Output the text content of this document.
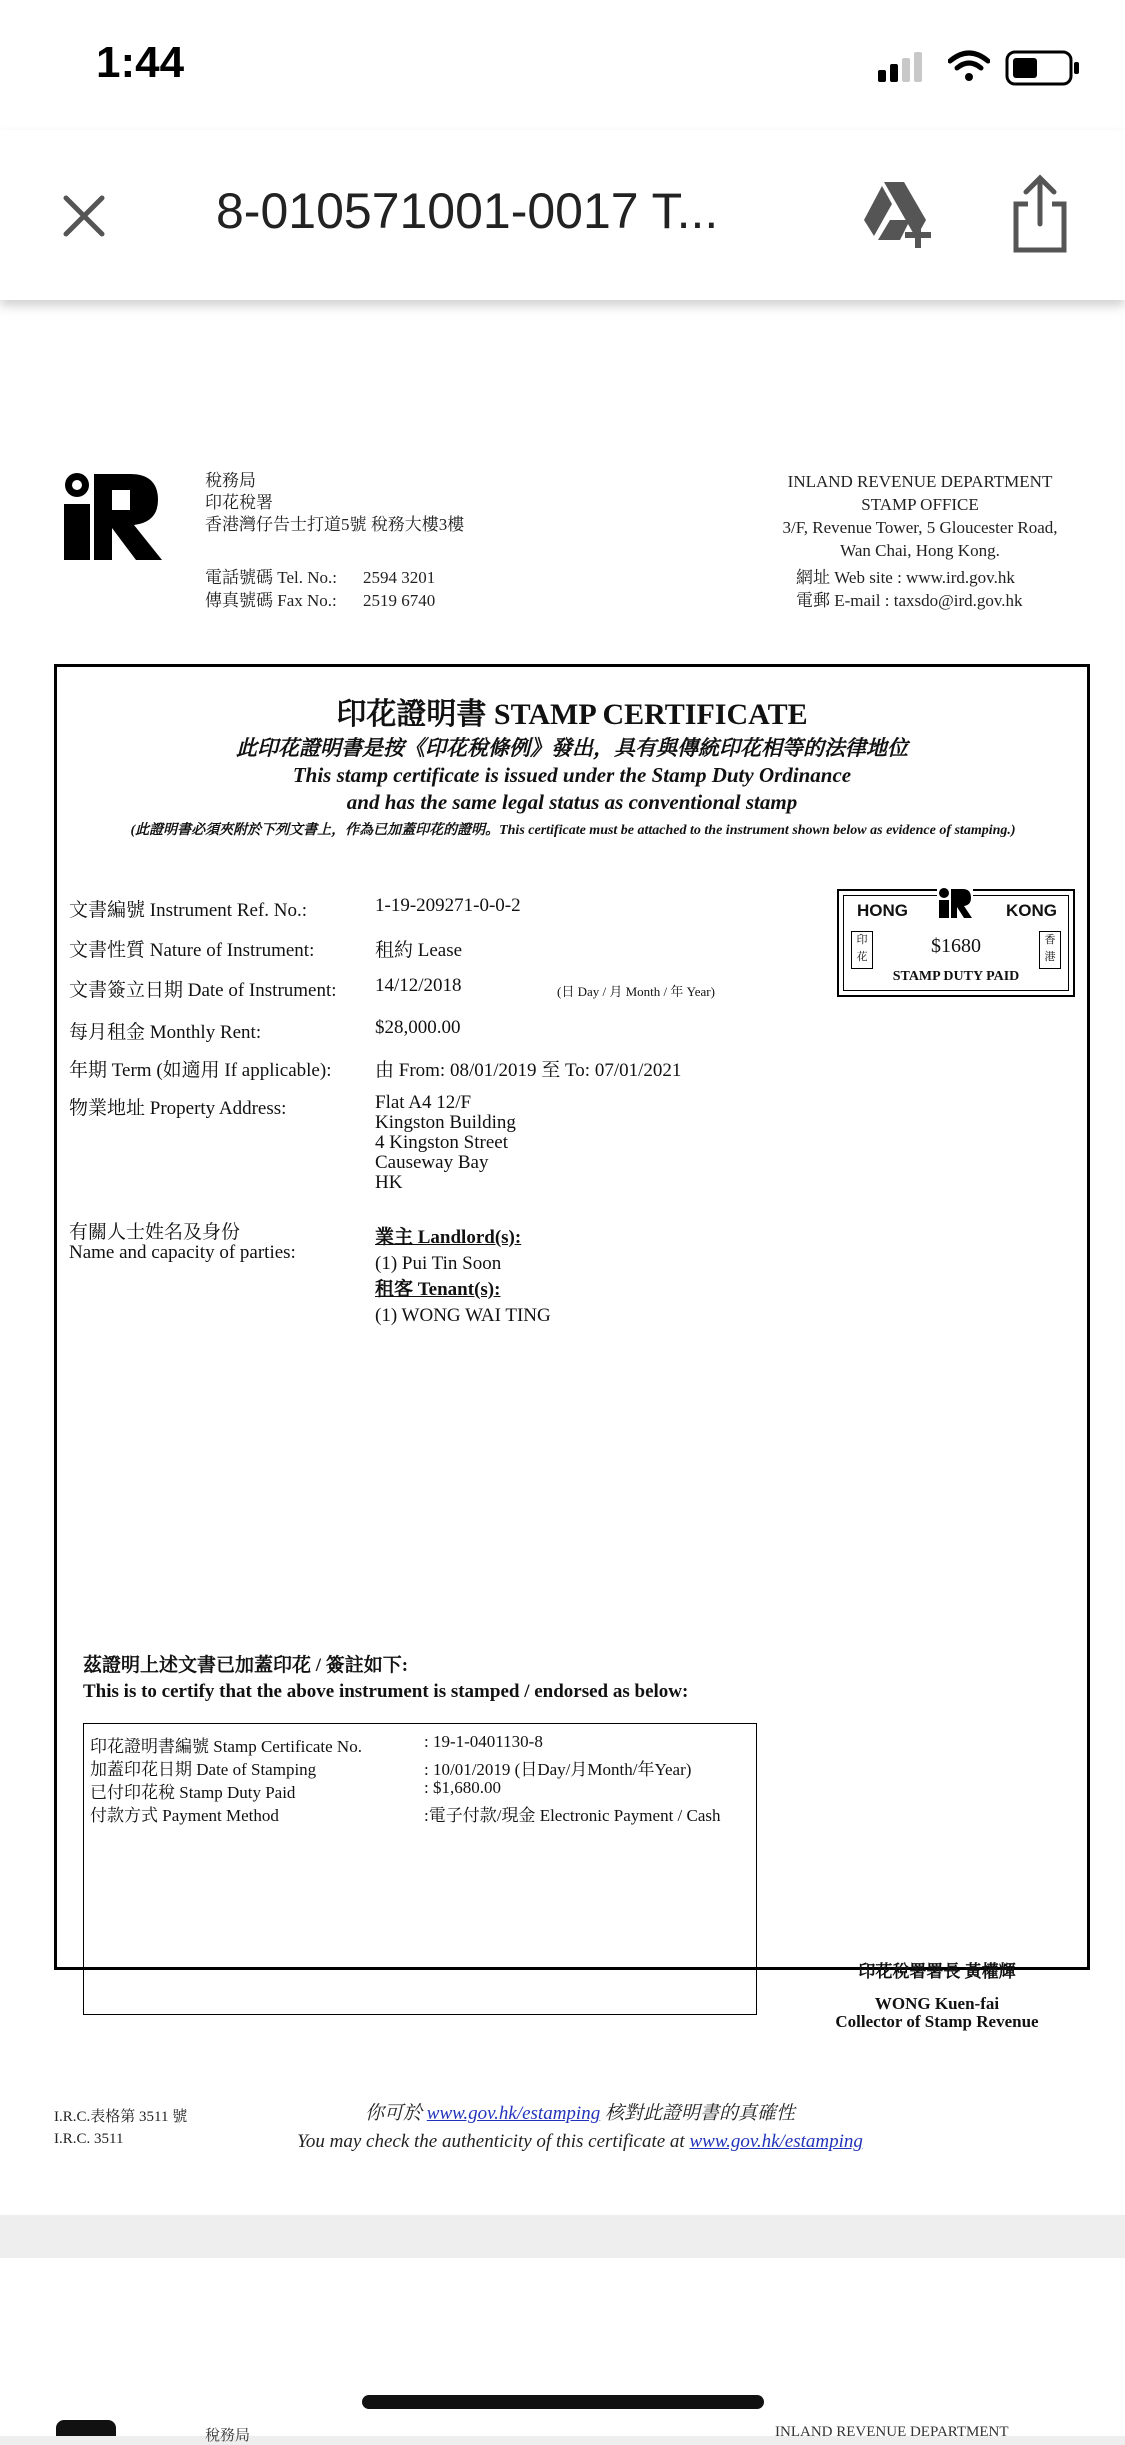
1:44
8-010571001-0017 T...
稅務局
印花稅署
香港灣仔告士打道5號 稅務大樓3樓
電話號碼 Tel. No.: 2594 3201
傳真號碼 Fax No.: 2519 6740
INLAND REVENUE DEPARTMENT
STAMP OFFICE
3/F, Revenue Tower, 5 Gloucester Road,
Wan Chai, Hong Kong.
網址 Web site : www.ird.gov.hk
電郵 E-mail : taxsdo@ird.gov.hk
印花證明書 STAMP CERTIFICATE
此印花證明書是按《印花稅條例》發出，具有與傳統印花相等的法律地位
This stamp certificate is issued under the Stamp Duty Ordinance
and has the same legal status as conventional stamp
(此證明書必須夾附於下列文書上，作為已加蓋印花的證明。This certificate must be attached to the instrument shown below as evidence of stamping.)
文書編號 Instrument Ref. No.:	1-19-209271-0-0-2
文書性質 Nature of Instrument:	租約 Lease
文書簽立日期 Date of Instrument: 14/12/2018	(日 Day / 月 Month / 年 Year)
每月租金 Monthly Rent:	$28,000.00
年期 Term (如適用 If applicable): 由 From: 08/01/2019 至 To: 07/01/2021
物業地址 Property Address:	Flat A4 12/F
Kingston Building
4 Kingston Street
Causeway Bay
HK
有關人士姓名及身份
Name and capacity of parties:
業主 Landlord(s):
(1) Pui Tin Soon
租客 Tenant(s):
(1) WONG WAI TING
HONG	KONG
$1680
STAMP DUTY PAID
印花
香港
茲證明上述文書已加蓋印花 / 簽註如下:
This is to certify that the above instrument is stamped / endorsed as below:
印花證明書編號 Stamp Certificate No.	: 19-1-0401130-8
加蓋印花日期 Date of Stamping	: 10/01/2019 (日Day/月Month/年Year)
已付印花稅 Stamp Duty Paid	: $1,680.00
付款方式 Payment Method	:電子付款/現金 Electronic Payment / Cash
印花稅署署長 黃權輝
WONG Kuen-fai
Collector of Stamp Revenue
I.R.C.表格第 3511 號
I.R.C. 3511
你可於 www.gov.hk/estamping 核對此證明書的真確性
You may check the authenticity of this certificate at www.gov.hk/estamping
稅務局	INLAND REVENUE DEPARTMENT
